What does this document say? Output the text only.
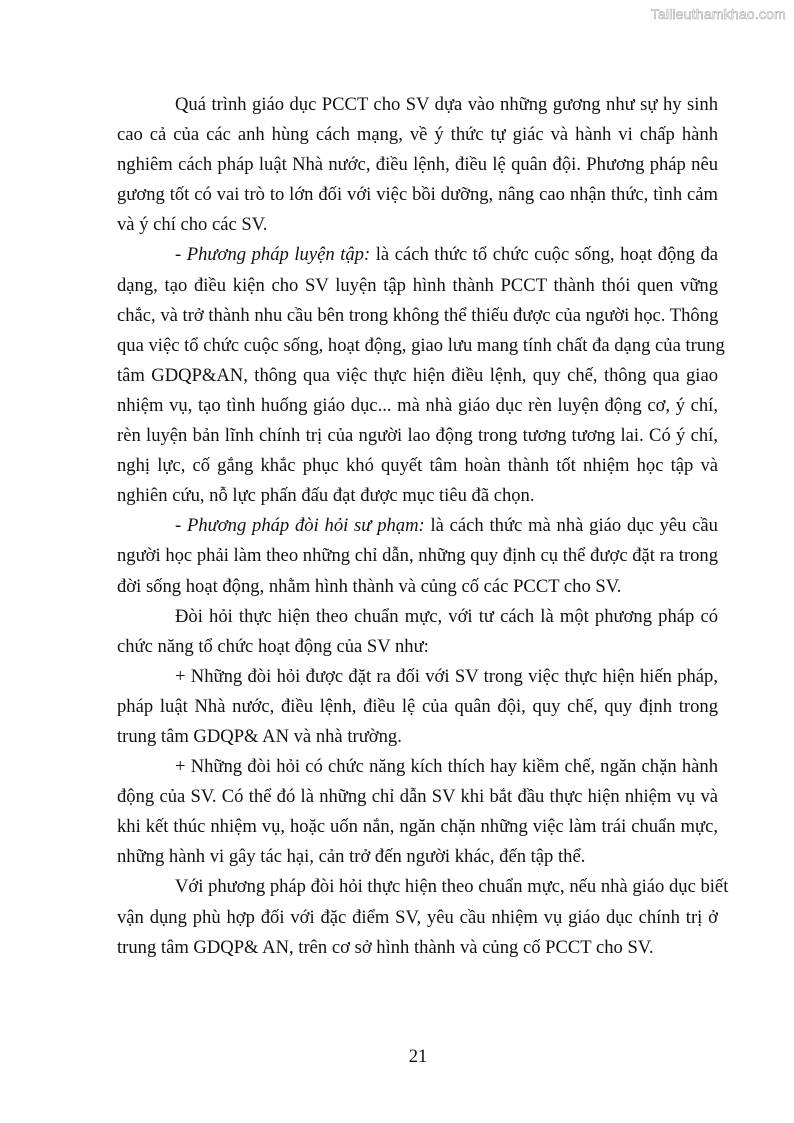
Tailieuthamkhao.com
Quá trình giáo dục PCCT cho SV dựa vào những gương như sự hy sinh
cao cả của các anh hùng cách mạng, về ý thức tự giác và hành vi chấp hành
nghiêm cách pháp luật Nhà nước, điều lệnh, điều lệ quân đội. Phương pháp nêu
gương tốt có vai trò to lớn đối với việc bồi dưỡng, nâng cao nhận thức, tình cảm
và ý chí cho các SV.
- Phương pháp luyện tập: là cách thức tổ chức cuộc sống, hoạt động đa
dạng, tạo điều kiện cho SV luyện tập hình thành PCCT thành thói quen vững
chắc, và trở thành nhu cầu bên trong không thể thiếu được của người học. Thông
qua việc tổ chức cuộc sống, hoạt động, giao lưu mang tính chất đa dạng của trung
tâm GDQP&AN, thông qua việc thực hiện điều lệnh, quy chế, thông qua giao
nhiệm vụ, tạo tình huống giáo dục... mà nhà giáo dục rèn luyện động cơ, ý chí,
rèn luyện bản lĩnh chính trị của người lao động trong tương tương lai. Có ý chí,
nghị lực, cố gắng khắc phục khó quyết tâm hoàn thành tốt nhiệm học tập và
nghiên cứu, nỗ lực phấn đấu đạt được mục tiêu đã chọn.
- Phương pháp đòi hỏi sư phạm: là cách thức mà nhà giáo dục yêu cầu
người học phải làm theo những chỉ dẫn, những quy định cụ thể được đặt ra trong
đời sống hoạt động, nhằm hình thành và củng cố các PCCT cho SV.
Đòi hỏi thực hiện theo chuẩn mực, với tư cách là một phương pháp có
chức năng tổ chức hoạt động của SV như:
+ Những đòi hỏi được đặt ra đối với SV trong việc thực hiện hiến pháp,
pháp luật Nhà nước, điều lệnh, điều lệ của quân đội, quy chế, quy định trong
trung tâm GDQP& AN và nhà trường.
+ Những đòi hỏi có chức năng kích thích hay kiềm chế, ngăn chặn hành
động của SV. Có thể đó là những chỉ dẫn SV khi bắt đầu thực hiện nhiệm vụ và
khi kết thúc nhiệm vụ, hoặc uốn nắn, ngăn chặn những việc làm trái chuẩn mực,
những hành vi gây tác hại, cản trở đến người khác, đến tập thể.
Với phương pháp đòi hỏi thực hiện theo chuẩn mực, nếu nhà giáo dục biết
vận dụng phù hợp đối với đặc điểm SV, yêu cầu nhiệm vụ giáo dục chính trị ở
trung tâm GDQP& AN, trên cơ sở hình thành và củng cố PCCT cho SV.
21
